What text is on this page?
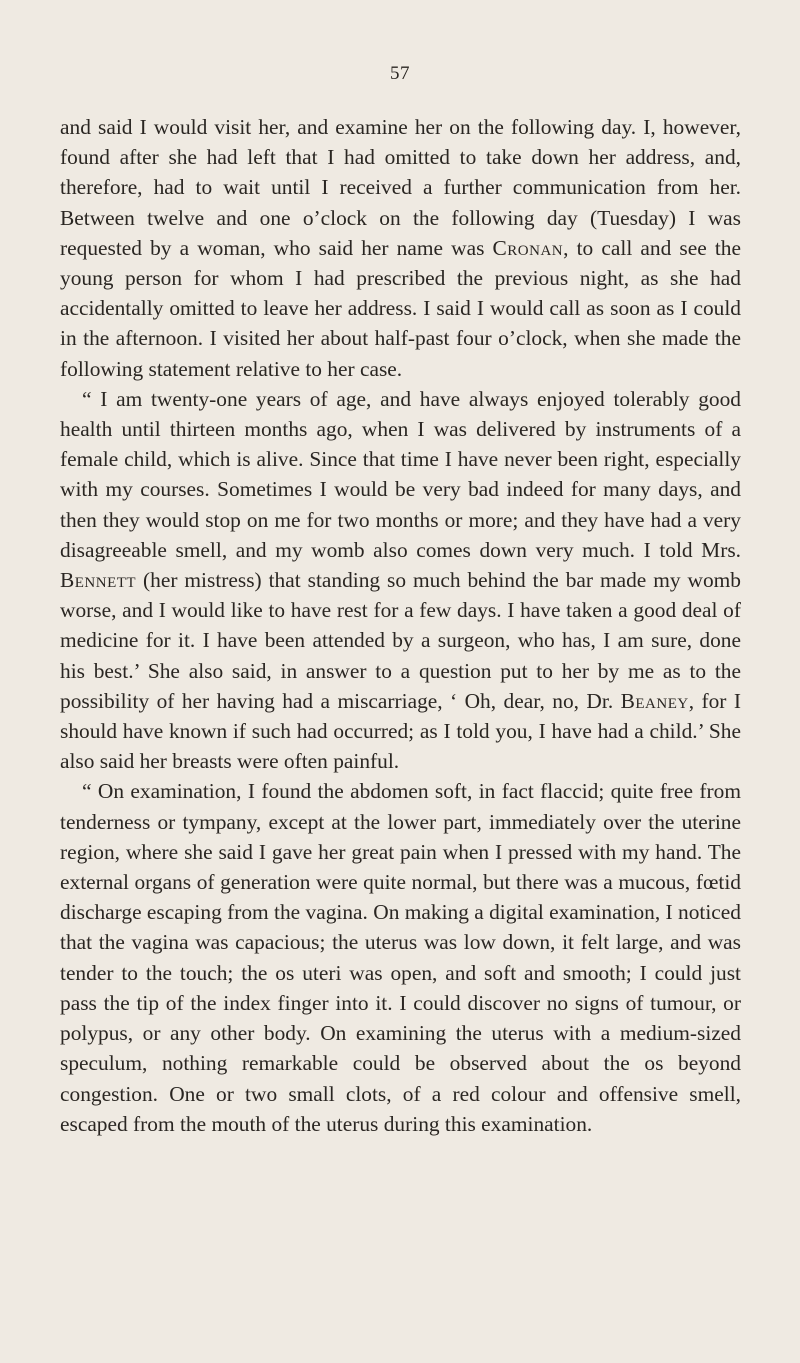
57

and said I would visit her, and examine her on the following day. I, however, found after she had left that I had omitted to take down her address, and, therefore, had to wait until I received a further communication from her. Between twelve and one o’clock on the following day (Tuesday) I was requested by a woman, who said her name was Cronan, to call and see the young person for whom I had prescribed the previous night, as she had accidentally omitted to leave her address. I said I would call as soon as I could in the afternoon. I visited her about half-past four o’clock, when she made the following statement relative to her case.

“ I am twenty-one years of age, and have always enjoyed tolerably good health until thirteen months ago, when I was delivered by instruments of a female child, which is alive. Since that time I have never been right, especially with my courses. Sometimes I would be very bad indeed for many days, and then they would stop on me for two months or more; and they have had a very disagreeable smell, and my womb also comes down very much. I told Mrs. Bennett (her mistress) that standing so much behind the bar made my womb worse, and I would like to have rest for a few days. I have taken a good deal of medicine for it. I have been attended by a surgeon, who has, I am sure, done his best.’ She also said, in answer to a question put to her by me as to the possibility of her having had a miscarriage, ‘ Oh, dear, no, Dr. Beaney, for I should have known if such had occurred; as I told you, I have had a child.’ She also said her breasts were often painful.

“ On examination, I found the abdomen soft, in fact flaccid; quite free from tenderness or tympany, except at the lower part, immediately over the uterine region, where she said I gave her great pain when I pressed with my hand. The external organs of generation were quite normal, but there was a mucous, fœtid discharge escaping from the vagina. On making a digital examination, I noticed that the vagina was capacious; the uterus was low down, it felt large, and was tender to the touch; the os uteri was open, and soft and smooth; I could just pass the tip of the index finger into it. I could discover no signs of tumour, or polypus, or any other body. On examining the uterus with a medium-sized speculum, nothing remarkable could be observed about the os beyond congestion. One or two small clots, of a red colour and offensive smell, escaped from the mouth of the uterus during this examination.
